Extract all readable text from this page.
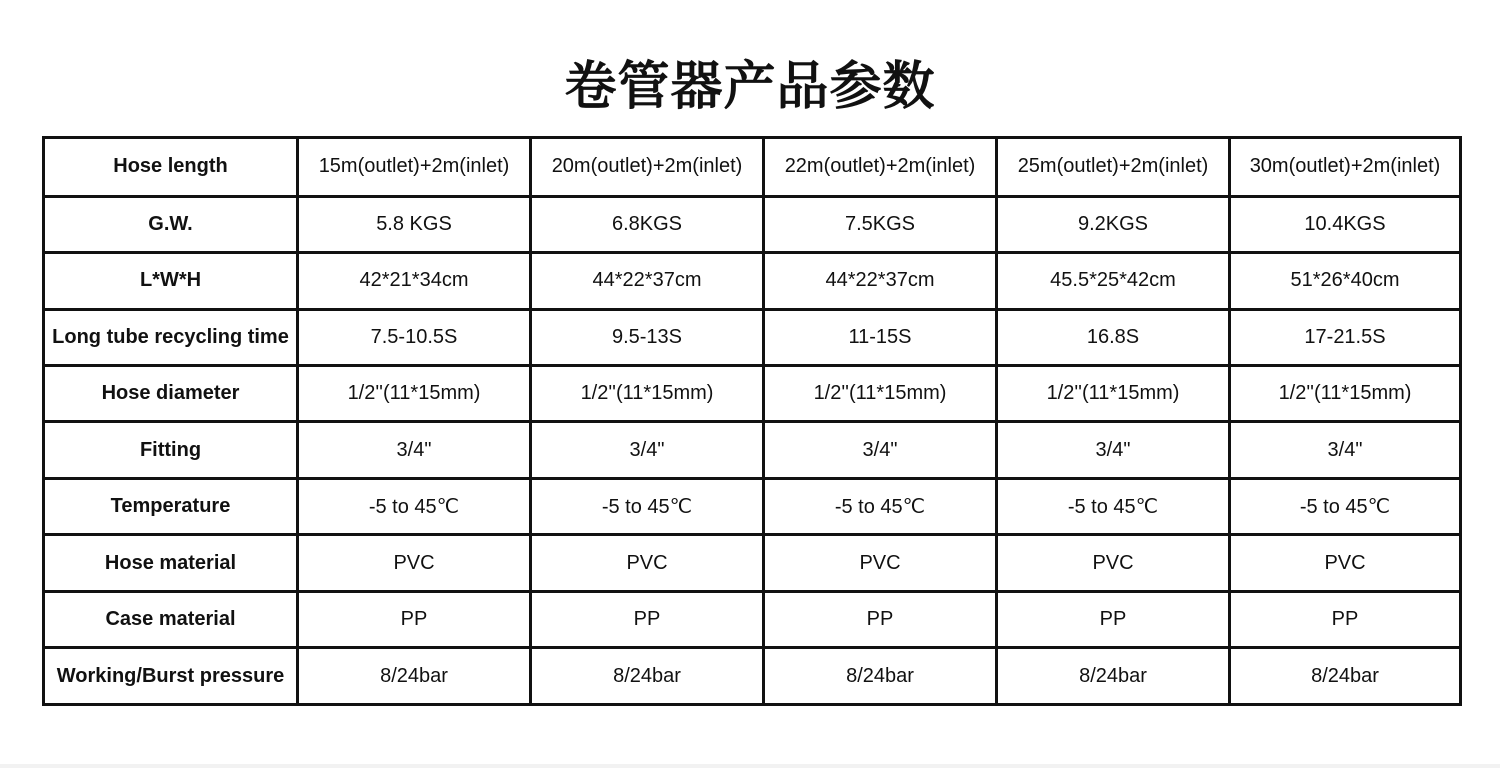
卷管器产品参数
Hose length	15m(outlet)+2m(inlet)	20m(outlet)+2m(inlet)	22m(outlet)+2m(inlet)	25m(outlet)+2m(inlet)	30m(outlet)+2m(inlet)
G.W.	5.8 KGS	6.8KGS	7.5KGS	9.2KGS	10.4KGS
L*W*H	42*21*34cm	44*22*37cm	44*22*37cm	45.5*25*42cm	51*26*40cm
Long tube recycling time	7.5-10.5S	9.5-13S	11-15S	16.8S	17-21.5S
Hose diameter	1/2''(11*15mm)	1/2''(11*15mm)	1/2''(11*15mm)	1/2''(11*15mm)	1/2''(11*15mm)
Fitting	3/4"	3/4"	3/4"	3/4"	3/4"
Temperature	-5 to 45℃	-5 to 45℃	-5 to 45℃	-5 to 45℃	-5 to 45℃
Hose material	PVC	PVC	PVC	PVC	PVC
Case material	PP	PP	PP	PP	PP
Working/Burst pressure	8/24bar	8/24bar	8/24bar	8/24bar	8/24bar
